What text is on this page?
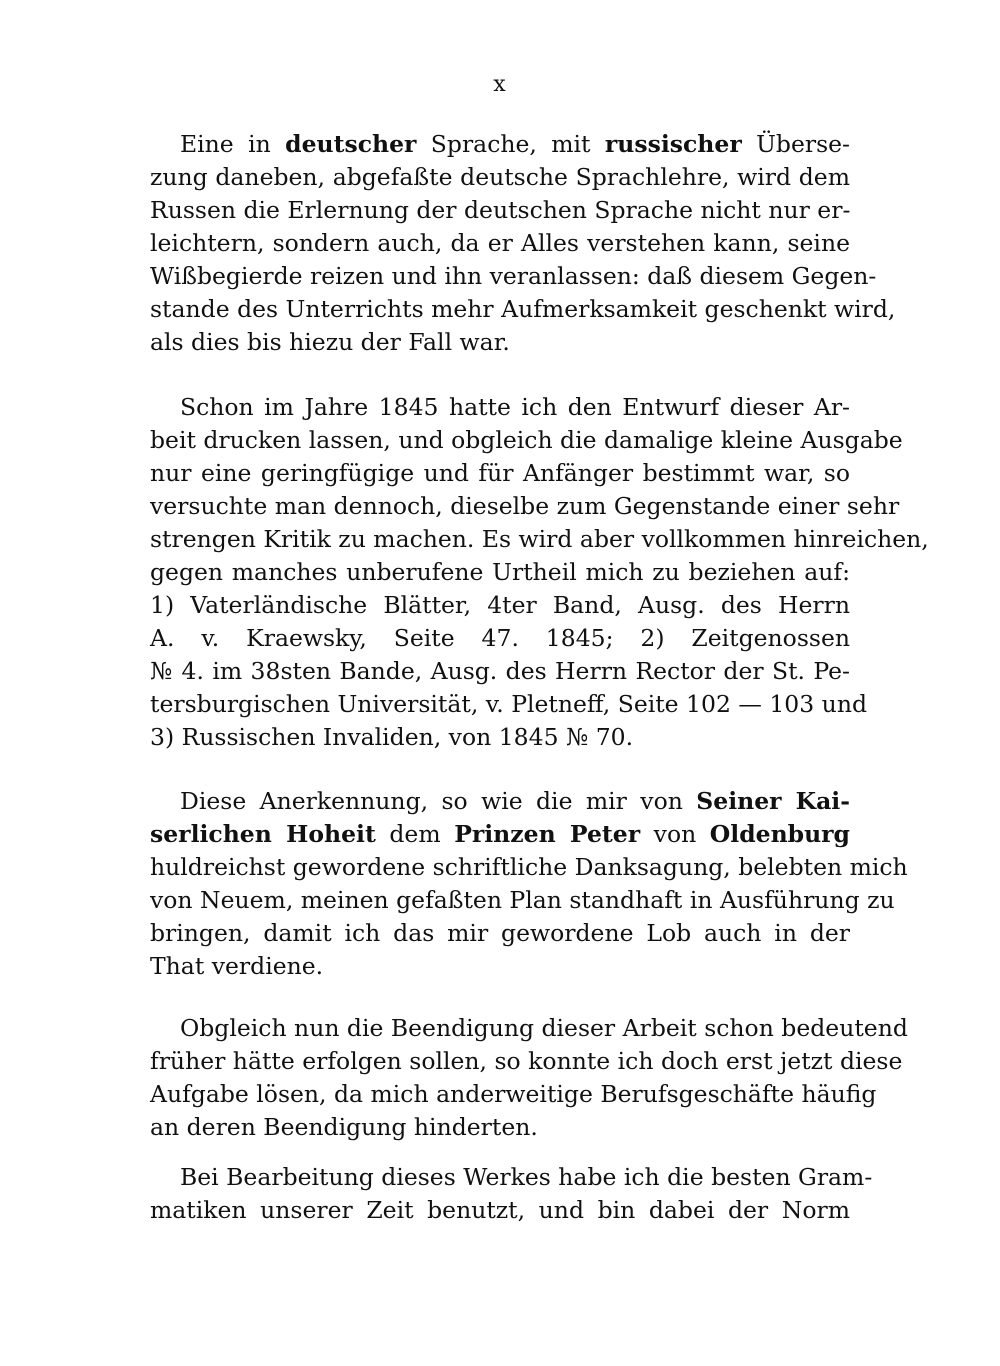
x
Eine in deutscher Sprache, mit russischer Überse-
zung daneben, abgefaßte deutsche Sprachlehre, wird dem
Russen die Erlernung der deutschen Sprache nicht nur er-
leichtern, sondern auch, da er Alles verstehen kann, seine
Wißbegierde reizen und ihn veranlassen: daß diesem Gegen-
stande des Unterrichts mehr Aufmerksamkeit geschenkt wird,
als dies bis hiezu der Fall war.
Schon im Jahre 1845 hatte ich den Entwurf dieser Ar-
beit drucken lassen, und obgleich die damalige kleine Ausgabe
nur eine geringfügige und für Anfänger bestimmt war, so
versuchte man dennoch, dieselbe zum Gegenstande einer sehr
strengen Kritik zu machen. Es wird aber vollkommen hinreichen,
gegen manches unberufene Urtheil mich zu beziehen auf:
1) Vaterländische Blätter, 4ter Band, Ausg. des Herrn
A. v. Kraewsky, Seite 47. 1845; 2) Zeitgenossen
№ 4. im 38sten Bande, Ausg. des Herrn Rector der St. Pe-
tersburgischen Universität, v. Pletneff, Seite 102 — 103 und
3) Russischen Invaliden, von 1845 № 70.
Diese Anerkennung, so wie die mir von Seiner Kai-
serlichen Hoheit dem Prinzen Peter von Oldenburg
huldreichst gewordene schriftliche Danksagung, belebten mich
von Neuem, meinen gefaßten Plan standhaft in Ausführung zu
bringen, damit ich das mir gewordene Lob auch in der
That verdiene.
Obgleich nun die Beendigung dieser Arbeit schon bedeutend
früher hätte erfolgen sollen, so konnte ich doch erst jetzt diese
Aufgabe lösen, da mich anderweitige Berufsgeschäfte häufig
an deren Beendigung hinderten.
Bei Bearbeitung dieses Werkes habe ich die besten Gram-
matiken unserer Zeit benutzt, und bin dabei der Norm
